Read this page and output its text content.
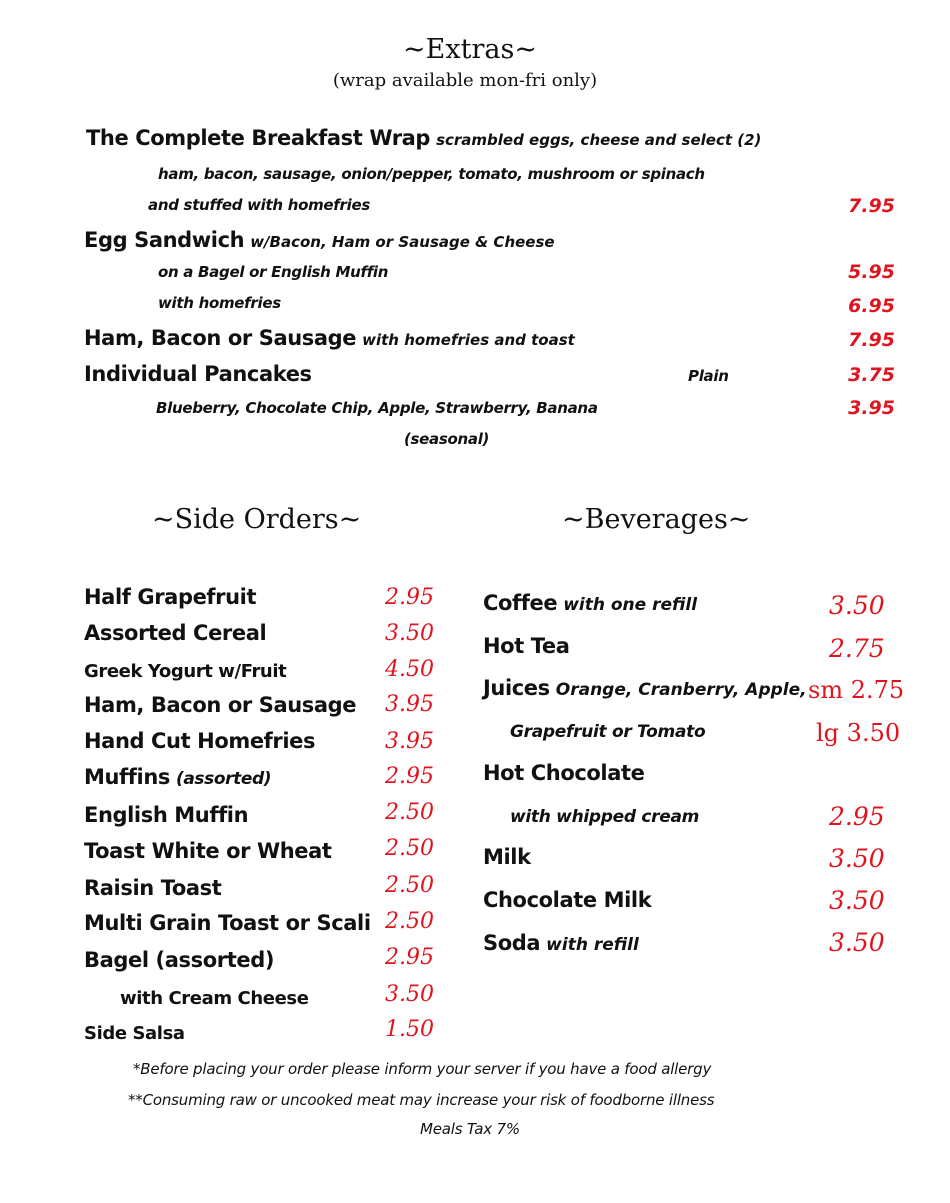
~Extras~
(wrap available mon-fri only)
The Complete Breakfast Wrap scrambled eggs, cheese and select (2)
ham, bacon, sausage, onion/pepper, tomato, mushroom or spinach
and stuffed with homefries	7.95
Egg Sandwich w/Bacon, Ham or Sausage & Cheese
on a Bagel or English Muffin	5.95
with homefries	6.95
Ham, Bacon or Sausage with homefries and toast	7.95
Individual Pancakes	Plain	3.75
Blueberry, Chocolate Chip, Apple, Strawberry, Banana	3.95
(seasonal)
~Side Orders~
Half Grapefruit	2.95
Assorted Cereal	3.50
Greek Yogurt w/Fruit	4.50
Ham, Bacon or Sausage 3.95
Hand Cut Homefries	3.95
Muffins (assorted)	2.95
English Muffin	2.50
Toast White or Wheat 2.50
Raisin Toast	2.50
Multi Grain Toast or Scali 2.50
Bagel (assorted)	2.95
with Cream Cheese	3.50
Side Salsa	1.50
~Beverages~
Coffee with one refill	3.50
Hot Tea	2.75
Juices Orange, Cranberry, Apple, sm 2.75
Grapefruit or Tomato	lg 3.50
Hot Chocolate
with whipped cream	2.95
Milk	3.50
Chocolate Milk	3.50
Soda with refill	3.50
*Before placing your order please inform your server if you have a food allergy
**Consuming raw or uncooked meat may increase your risk of foodborne illness
Meals Tax 7%
